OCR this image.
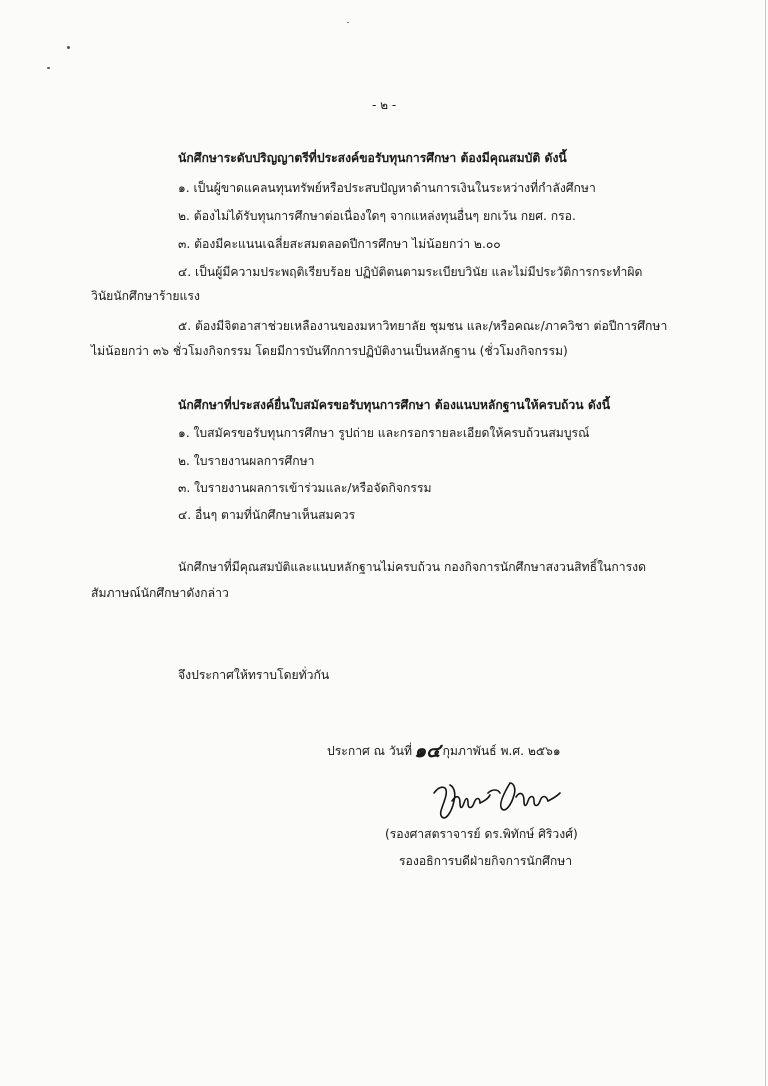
- ๒ -
นักศึกษาระดับปริญญาตรีที่ประสงค์ขอรับทุนการศึกษา ต้องมีคุณสมบัติ ดังนี้
๑. เป็นผู้ขาดแคลนทุนทรัพย์หรือประสบปัญหาด้านการเงินในระหว่างที่กำลังศึกษา
๒. ต้องไม่ได้รับทุนการศึกษาต่อเนื่องใดๆ จากแหล่งทุนอื่นๆ ยกเว้น กยศ. กรอ.
๓. ต้องมีคะแนนเฉลี่ยสะสมตลอดปีการศึกษา ไม่น้อยกว่า ๒.๐๐
๔. เป็นผู้มีความประพฤติเรียบร้อย ปฏิบัติตนตามระเบียบวินัย และไม่มีประวัติการกระทำผิด
วินัยนักศึกษาร้ายแรง
๕. ต้องมีจิตอาสาช่วยเหลืองานของมหาวิทยาลัย ชุมชน และ/หรือคณะ/ภาควิชา ต่อปีการศึกษา
ไม่น้อยกว่า ๓๖ ชั่วโมงกิจกรรม โดยมีการบันทึกการปฏิบัติงานเป็นหลักฐาน (ชั่วโมงกิจกรรม)
นักศึกษาที่ประสงค์ยื่นใบสมัครขอรับทุนการศึกษา ต้องแนบหลักฐานให้ครบถ้วน ดังนี้
๑. ใบสมัครขอรับทุนการศึกษา รูปถ่าย และกรอกรายละเอียดให้ครบถ้วนสมบูรณ์
๒. ใบรายงานผลการศึกษา
๓. ใบรายงานผลการเข้าร่วมและ/หรือจัดกิจกรรม
๔. อื่นๆ ตามที่นักศึกษาเห็นสมควร
นักศึกษาที่มีคุณสมบัติและแนบหลักฐานไม่ครบถ้วน กองกิจการนักศึกษาสงวนสิทธิ์ในการงด
สัมภาษณ์นักศึกษาดังกล่าว
จึงประกาศให้ทราบโดยทั่วกัน
ประกาศ ณ วันที่ ๑๔ กุมภาพันธ์ พ.ศ. ๒๕๖๑
(รองศาสตราจารย์ ดร.พิทักษ์ ศิริวงศ์)
รองอธิการบดีฝ่ายกิจการนักศึกษา
